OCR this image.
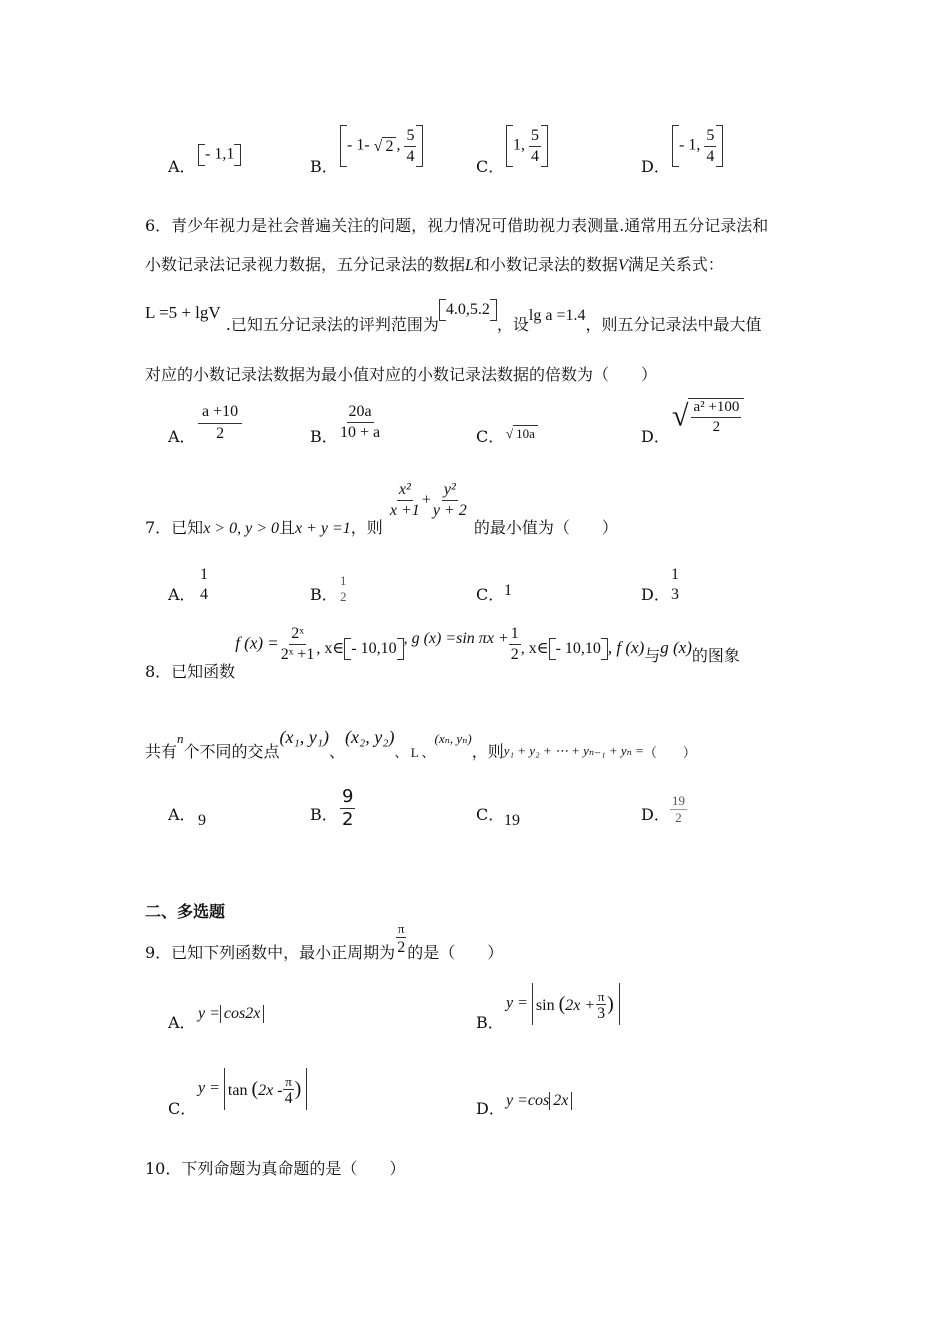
A．
- 1,1
B．
- 1- √ 2 , $\frac{5}{4}$
C．
1, $\frac{5}{4}$
D．
- 1, $\frac{5}{4}$
6．青少年视力是社会普遍关注的问题，视力情况可借助视力表测量.通常用五分记录法和
小数记录法记录视力数据，五分记录法的数据L和小数记录法的数据V满足关系式：
L =5 + lgV .已知五分记录法的评判范围为4.0,5.2，设lg a =1.4，则五分记录法中最大值
对应的小数记录法数据为最小值对应的小数记录法数据的倍数为（　　）
A． $\frac{a +10}{2}$	B． $\frac{20a}{10 + a}$	C． √ 10a	D．
√ $\frac{\text{a² +100}}{2}$
7．已知x > 0, y > 0且x + y =1，则
$\frac{\text{x²}}{x +1} + \frac{\text{y²}}{y + 2}$
的最小值为（　　）
A．
1
4	B．
1
2	C． 1	D．
1
3
8．已知函数f $(x) = \frac{\text{2ˣ}}{\text{2ˣ +1}}$ , x∈ - 10,10, g (x) =sin $\pi x + \frac{1}{2}$ , x∈ - 10,10 , f (x)与g (x)的图象
共有n个不同的交点(x₁, y₁)、(x₂, $y_2)_{、 L 、}(x_n$, yₙ)，则$_{y_1 + y_2 + \cdots + y_{n-1} + y_n =( )}$
A． 9	B． $\frac{9}{2}$	C． 19	D． $\frac{19}{2}$
二、多选题
9．已知下列函数中，最小正周期为 $\frac{\pi}{2}$ 的是（　　）
A． y = cos2x	B．
$y = \sin (2x + \frac{\pi}{3}$ )
C．
$y = \tan (2x - \frac{\pi}{4}$ )
D． y =cos 2x
10．下列命题为真命题的是（　　）
